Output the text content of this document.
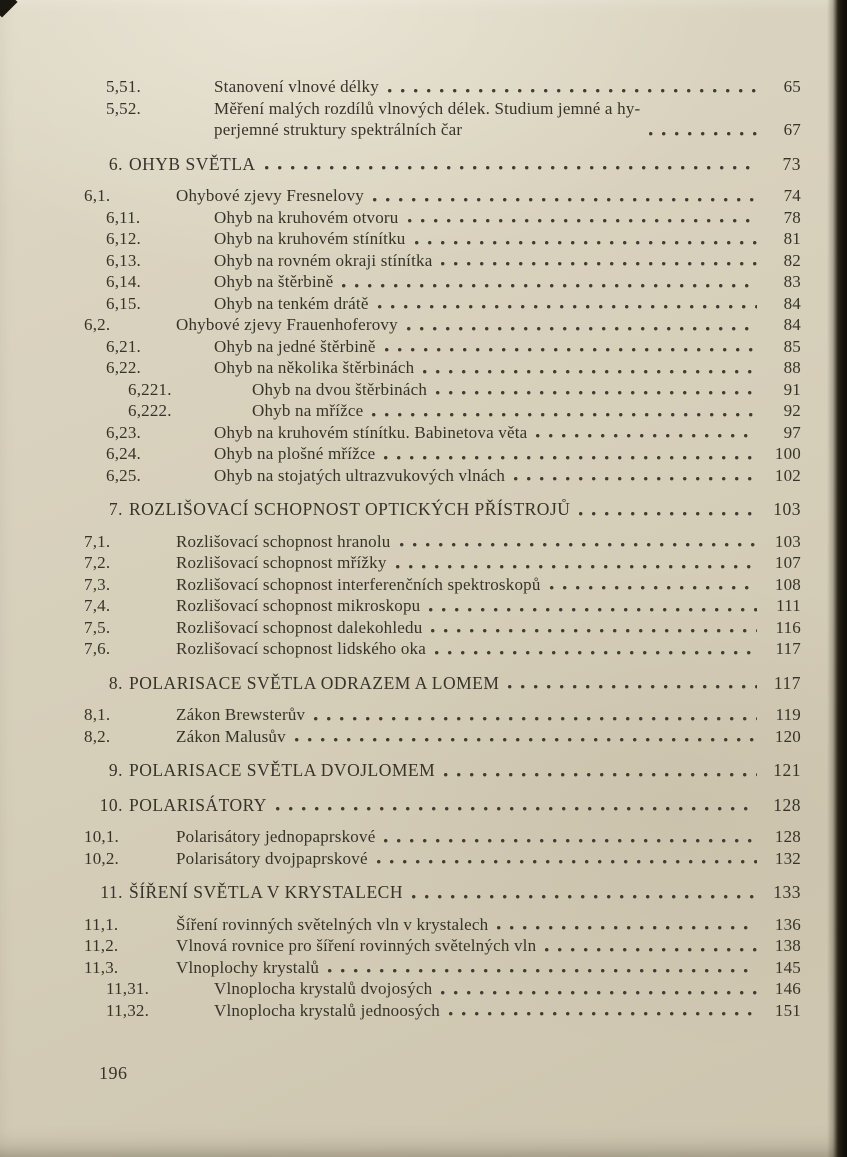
5,51.	Stanovení vlnové délky	65
5,52.	Měření malých rozdílů vlnových délek. Studium jemné a hy-
perjemné struktury spektrálních čar	67
6. OHYB SVĚTLA	73
6,1.	Ohybové zjevy Fresnelovy	74
6,11.	Ohyb na kruhovém otvoru	78
6,12.	Ohyb na kruhovém stínítku	81
6,13.	Ohyb na rovném okraji stínítka	82
6,14.	Ohyb na štěrbině	83
6,15.	Ohyb na tenkém drátě	84
6,2.	Ohybové zjevy Frauenhoferovy	84
6,21.	Ohyb na jedné štěrbině	85
6,22.	Ohyb na několika štěrbinách	88
6,221.	Ohyb na dvou štěrbinách	91
6,222.	Ohyb na mřížce	92
6,23.	Ohyb na kruhovém stínítku. Babinetova věta	97
6,24.	Ohyb na plošné mřížce	100
6,25.	Ohyb na stojatých ultrazvukových vlnách	102
7. ROZLIŠOVACÍ SCHOPNOST OPTICKÝCH PŘÍSTROJŮ	103
7,1.	Rozlišovací schopnost hranolu	103
7,2.	Rozlišovací schopnost mřížky	107
7,3.	Rozlišovací schopnost interferenčních spektroskopů	108
7,4.	Rozlišovací schopnost mikroskopu	111
7,5.	Rozlišovací schopnost dalekohledu	116
7,6.	Rozlišovací schopnost lidského oka	117
8. POLARISACE SVĚTLA ODRAZEM A LOMEM	117
8,1.	Zákon Brewsterův	119
8,2.	Zákon Malusův	120
9. POLARISACE SVĚTLA DVOJLOMEM	121
10. POLARISÁTORY	128
10,1.	Polarisátory jednopaprskové	128
10,2.	Polarisátory dvojpaprskové	132
11. ŠÍŘENÍ SVĚTLA V KRYSTALECH	133
11,1.	Šíření rovinných světelných vln v krystalech	136
11,2.	Vlnová rovnice pro šíření rovinných světelných vln	138
11,3.	Vlnoplochy krystalů	145
11,31.	Vlnoplocha krystalů dvojosých	146
11,32.	Vlnoplocha krystalů jednoosých	151
196
